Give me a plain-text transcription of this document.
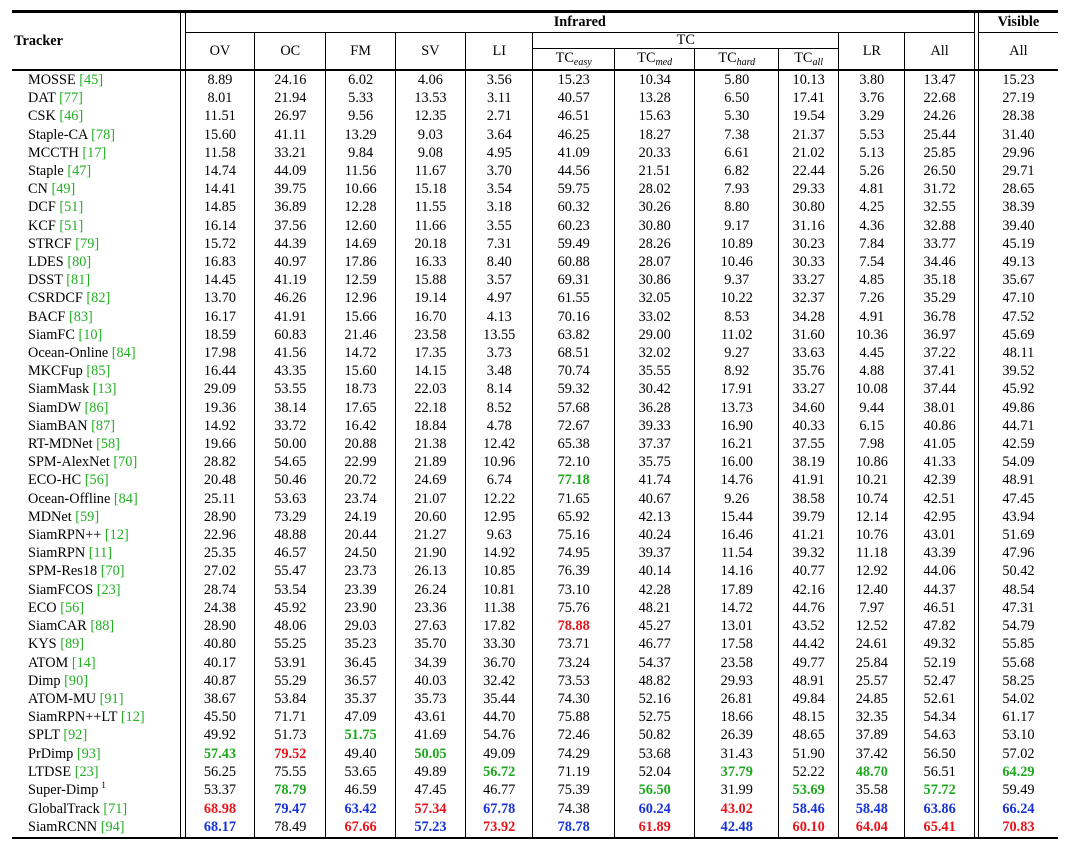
Tracker		Infrared												Visible
		OV	OC	FM	SV	LI	TC				LR	All		All
							$TC_{easy}$	$TC_{med}$	$TC_{hard}$	$TC_{all}$
MOSSE [45]		8.89	24.16	6.02	4.06	3.56	15.23	10.34	5.80	10.13	3.80	13.47		15.23
DAT [77]		8.01	21.94	5.33	13.53	3.11	40.57	13.28	6.50	17.41	3.76	22.68		27.19
CSK [46]		11.51	26.97	9.56	12.35	2.71	46.51	15.63	5.30	19.54	3.29	24.26		28.38
Staple-CA [78]		15.60	41.11	13.29	9.03	3.64	46.25	18.27	7.38	21.37	5.53	25.44		31.40
MCCTH [17]		11.58	33.21	9.84	9.08	4.95	41.09	20.33	6.61	21.02	5.13	25.85		29.96
Staple [47]		14.74	44.09	11.56	11.67	3.70	44.56	21.51	6.82	22.44	5.26	26.50		29.71
CN [49]		14.41	39.75	10.66	15.18	3.54	59.75	28.02	7.93	29.33	4.81	31.72		28.65
DCF [51]		14.85	36.89	12.28	11.55	3.18	60.32	30.26	8.80	30.80	4.25	32.55		38.39
KCF [51]		16.14	37.56	12.60	11.66	3.55	60.23	30.80	9.17	31.16	4.36	32.88		39.40
STRCF [79]		15.72	44.39	14.69	20.18	7.31	59.49	28.26	10.89	30.23	7.84	33.77		45.19
LDES [80]		16.83	40.97	17.86	16.33	8.40	60.88	28.07	10.46	30.33	7.54	34.46		49.13
DSST [81]		14.45	41.19	12.59	15.88	3.57	69.31	30.86	9.37	33.27	4.85	35.18		35.67
CSRDCF [82]		13.70	46.26	12.96	19.14	4.97	61.55	32.05	10.22	32.37	7.26	35.29		47.10
BACF [83]		16.17	41.91	15.66	16.70	4.13	70.16	33.02	8.53	34.28	4.91	36.78		47.52
SiamFC [10]		18.59	60.83	21.46	23.58	13.55	63.82	29.00	11.02	31.60	10.36	36.97		45.69
Ocean-Online [84]		17.98	41.56	14.72	17.35	3.73	68.51	32.02	9.27	33.63	4.45	37.22		48.11
MKCFup [85]		16.44	43.35	15.60	14.15	3.48	70.74	35.55	8.92	35.76	4.88	37.41		39.52
SiamMask [13]		29.09	53.55	18.73	22.03	8.14	59.32	30.42	17.91	33.27	10.08	37.44		45.92
SiamDW [86]		19.36	38.14	17.65	22.18	8.52	57.68	36.28	13.73	34.60	9.44	38.01		49.86
SiamBAN [87]		14.92	33.72	16.42	18.84	4.78	72.67	39.33	16.90	40.33	6.15	40.86		44.71
RT-MDNet [58]		19.66	50.00	20.88	21.38	12.42	65.38	37.37	16.21	37.55	7.98	41.05		42.59
SPM-AlexNet [70]		28.82	54.65	22.99	21.89	10.96	72.10	35.75	16.00	38.19	10.86	41.33		54.09
ECO-HC [56]		20.48	50.46	20.72	24.69	6.74	77.18	41.74	14.76	41.91	10.21	42.39		48.91
Ocean-Offline [84]		25.11	53.63	23.74	21.07	12.22	71.65	40.67	9.26	38.58	10.74	42.51		47.45
MDNet [59]		28.90	73.29	24.19	20.60	12.95	65.92	42.13	15.44	39.79	12.14	42.95		43.94
SiamRPN++ [12]		22.96	48.88	20.44	21.27	9.63	75.16	40.24	16.46	41.21	10.76	43.01		51.69
SiamRPN [11]		25.35	46.57	24.50	21.90	14.92	74.95	39.37	11.54	39.32	11.18	43.39		47.96
SPM-Res18 [70]		27.02	55.47	23.73	26.13	10.85	76.39	40.14	14.16	40.77	12.92	44.06		50.42
SiamFCOS [23]		28.74	53.54	23.39	26.24	10.81	73.10	42.28	17.89	42.16	12.40	44.37		48.54
ECO [56]		24.38	45.92	23.90	23.36	11.38	75.76	48.21	14.72	44.76	7.97	46.51		47.31
SiamCAR [88]		28.90	48.06	29.03	27.63	17.82	78.88	45.27	13.01	43.52	12.52	47.82		54.79
KYS [89]		40.80	55.25	35.23	35.70	33.30	73.71	46.77	17.58	44.42	24.61	49.32		55.85
ATOM [14]		40.17	53.91	36.45	34.39	36.70	73.24	54.37	23.58	49.77	25.84	52.19		55.68
Dimp [90]		40.87	55.29	36.57	40.03	32.42	73.53	48.82	29.93	48.91	25.57	52.47		58.25
ATOM-MU [91]		38.67	53.84	35.37	35.73	35.44	74.30	52.16	26.81	49.84	24.85	52.61		54.02
SiamRPN++LT [12]		45.50	71.71	47.09	43.61	44.70	75.88	52.75	18.66	48.15	32.35	54.34		61.17
SPLT [92]		49.92	51.73	51.75	41.69	54.76	72.46	50.82	26.39	48.65	37.89	54.63		53.10
PrDimp [93]		57.43	79.52	49.40	50.05	49.09	74.29	53.68	31.43	51.90	37.42	56.50		57.02
LTDSE [23]		56.25	75.55	53.65	49.89	56.72	71.19	52.04	37.79	52.22	48.70	56.51		64.29
Super-Dimp $^1$		53.37	78.79	46.59	47.45	46.77	75.39	56.50	31.99	53.69	35.58	57.72		59.49
GlobalTrack [71]		68.98	79.47	63.42	57.34	67.78	74.38	60.24	43.02	58.46	58.48	63.86		66.24
SiamRCNN [94]		68.17	78.49	67.66	57.23	73.92	78.78	61.89	42.48	60.10	64.04	65.41		70.83
